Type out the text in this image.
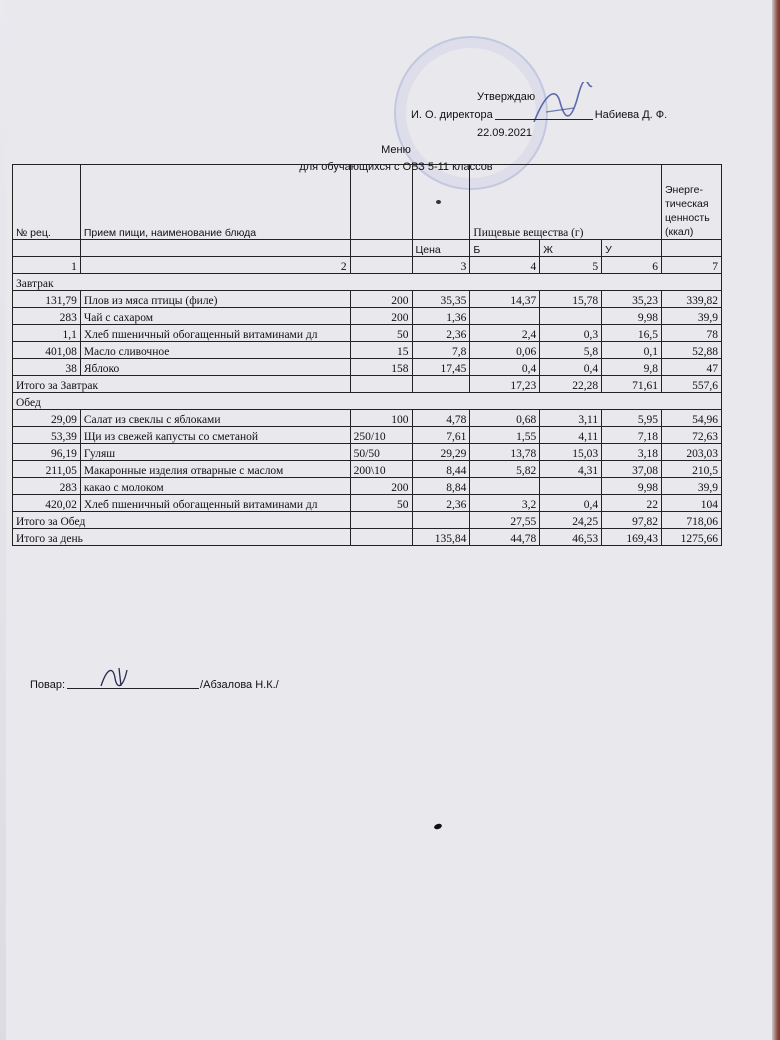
Утверждаю
И. О. директора	Набиева Д. Ф.
22.09.2021
Меню
для обучающихся с ОВЗ 5-11 классов
№ рец.	Прием пищи, наименование блюда			Пищевые вещества (г)			Энерге-тическая ценность (ккал)
			Цена	Б	Ж	У	
1	2		3	4	5	6	7
Завтрак							
131,79	Плов из мяса птицы (филе)	200	35,35	14,37	15,78	35,23	339,82
283	Чай с сахаром	200	1,36			9,98	39,9
1,1	Хлеб пшеничный обогащенный витаминами дл	50	2,36	2,4	0,3	16,5	78
401,08	Масло сливочное	15	7,8	0,06	5,8	0,1	52,88
38	Яблоко	158	17,45	0,4	0,4	9,8	47
Итого за Завтрак				17,23	22,28	71,61	557,6
Обед							
29,09	Салат из свеклы с яблоками	100	4,78	0,68	3,11	5,95	54,96
53,39	Щи из свежей капусты со сметаной	250/10	7,61	1,55	4,11	7,18	72,63
96,19	Гуляш	50/50	29,29	13,78	15,03	3,18	203,03
211,05	Макаронные изделия отварные с маслом	200\10	8,44	5,82	4,31	37,08	210,5
283	какао с молоком	200	8,84			9,98	39,9
420,02	Хлеб пшеничный обогащенный витаминами дл	50	2,36	3,2	0,4	22	104
Итого за Обед				27,55	24,25	97,82	718,06
Итого за день			135,84	44,78	46,53	169,43	1275,66
Повар:	/Абзалова Н.К./
